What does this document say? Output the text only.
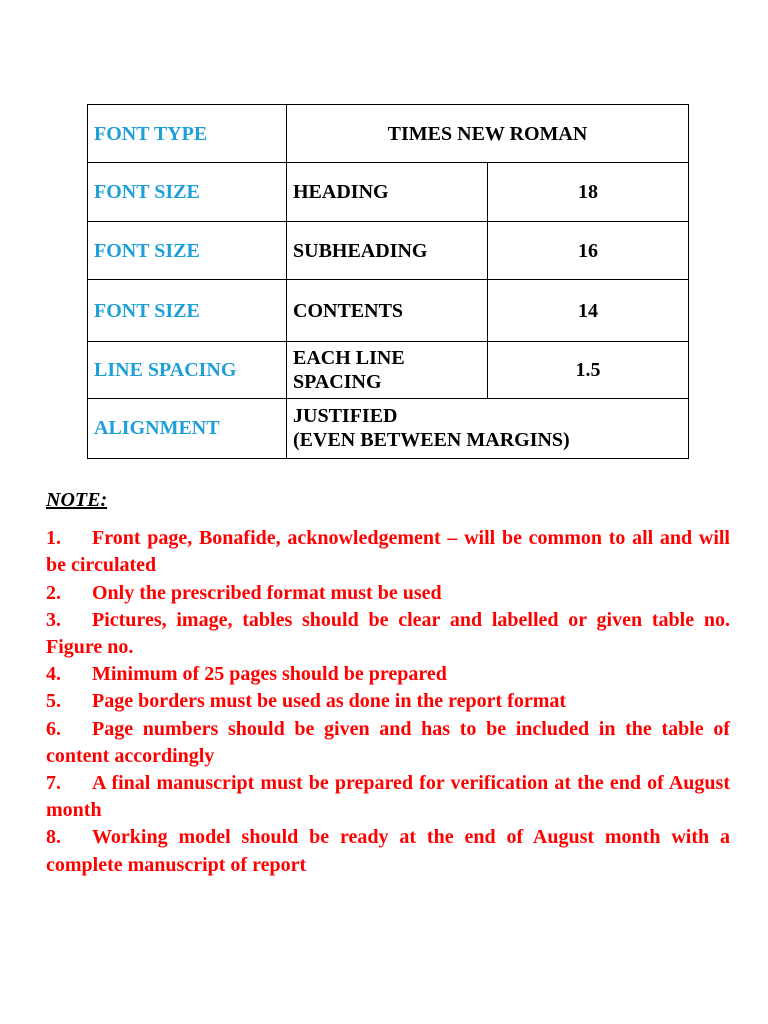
FONT TYPE	TIMES NEW ROMAN	
FONT SIZE	HEADING	18
FONT SIZE	SUBHEADING	16
FONT SIZE	CONTENTS	14
LINE SPACING	EACH LINE SPACING	1.5
ALIGNMENT	JUSTIFIED
(EVEN BETWEEN MARGINS)	
NOTE:
1. Front page, Bonafide, acknowledgement – will be common to all and will be circulated
2. Only the prescribed format must be used
3. Pictures, image, tables should be clear and labelled or given table no. Figure no.
4. Minimum of 25 pages should be prepared
5. Page borders must be used as done in the report format
6. Page numbers should be given and has to be included in the table of content accordingly
7. A final manuscript must be prepared for verification at the end of August month
8. Working model should be ready at the end of August month with a complete manuscript of report
